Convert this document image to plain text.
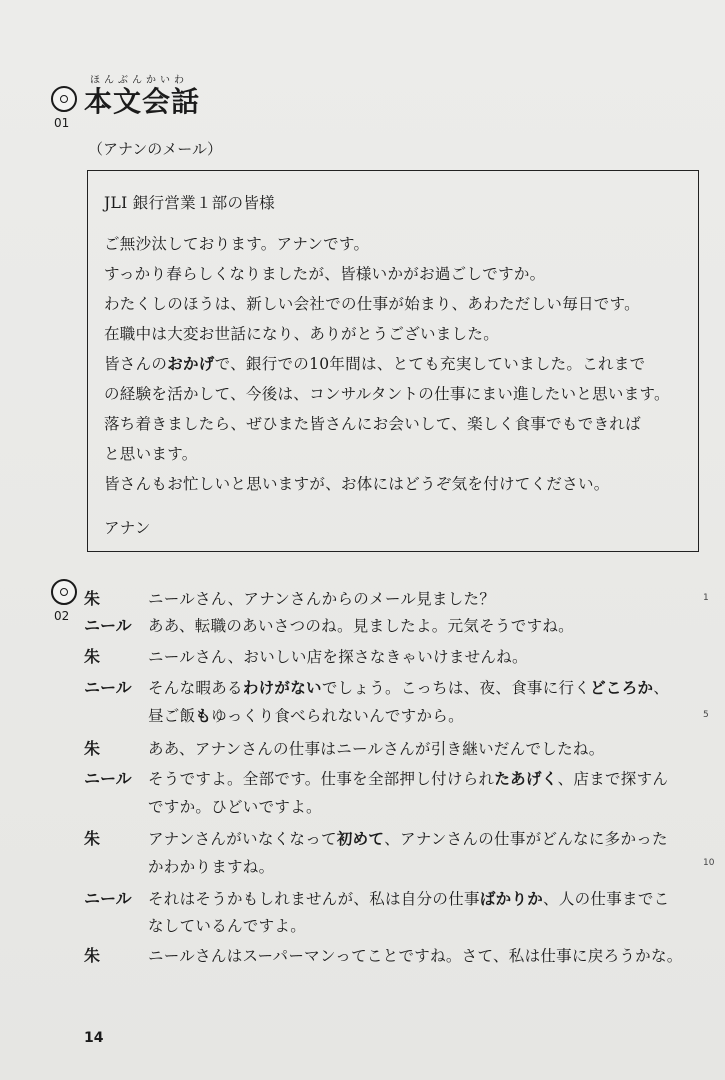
01
ほんぶんかいわ
本文会話
（アナンのメール）
JLI 銀行営業１部の皆様
ご無沙汰しております。アナンです。
すっかり春らしくなりましたが、皆様いかがお過ごしですか。
わたくしのほうは、新しい会社での仕事が始まり、あわただしい毎日です。
在職中は大変お世話になり、ありがとうございました。
皆さんのおかげで、銀行での10年間は、とても充実していました。これまで
の経験を活かして、今後は、コンサルタントの仕事にまい進したいと思います。
落ち着きましたら、ぜひまた皆さんにお会いして、楽しく食事でもできれば
と思います。
皆さんもお忙しいと思いますが、お体にはどうぞ気を付けてください。
アナン
02
朱	ニールさん、アナンさんからのメール見ました？
ニール ああ、転職のあいさつのね。見ましたよ。元気そうですね。
朱	ニールさん、おいしい店を探さなきゃいけませんね。
ニール そんな暇あるわけがないでしょう。こっちは、夜、食事に行くどころか、
昼ご飯もゆっくり食べられないんですから。
朱	ああ、アナンさんの仕事はニールさんが引き継いだんでしたね。
ニール そうですよ。全部です。仕事を全部押し付けられたあげく、店まで探すん
ですか。ひどいですよ。
朱	アナンさんがいなくなって初めて、アナンさんの仕事がどんなに多かった
かわかりますね。
ニール それはそうかもしれませんが、私は自分の仕事ばかりか、人の仕事までこ
なしているんですよ。
朱	ニールさんはスーパーマンってことですね。さて、私は仕事に戻ろうかな。
1
5
10
14
